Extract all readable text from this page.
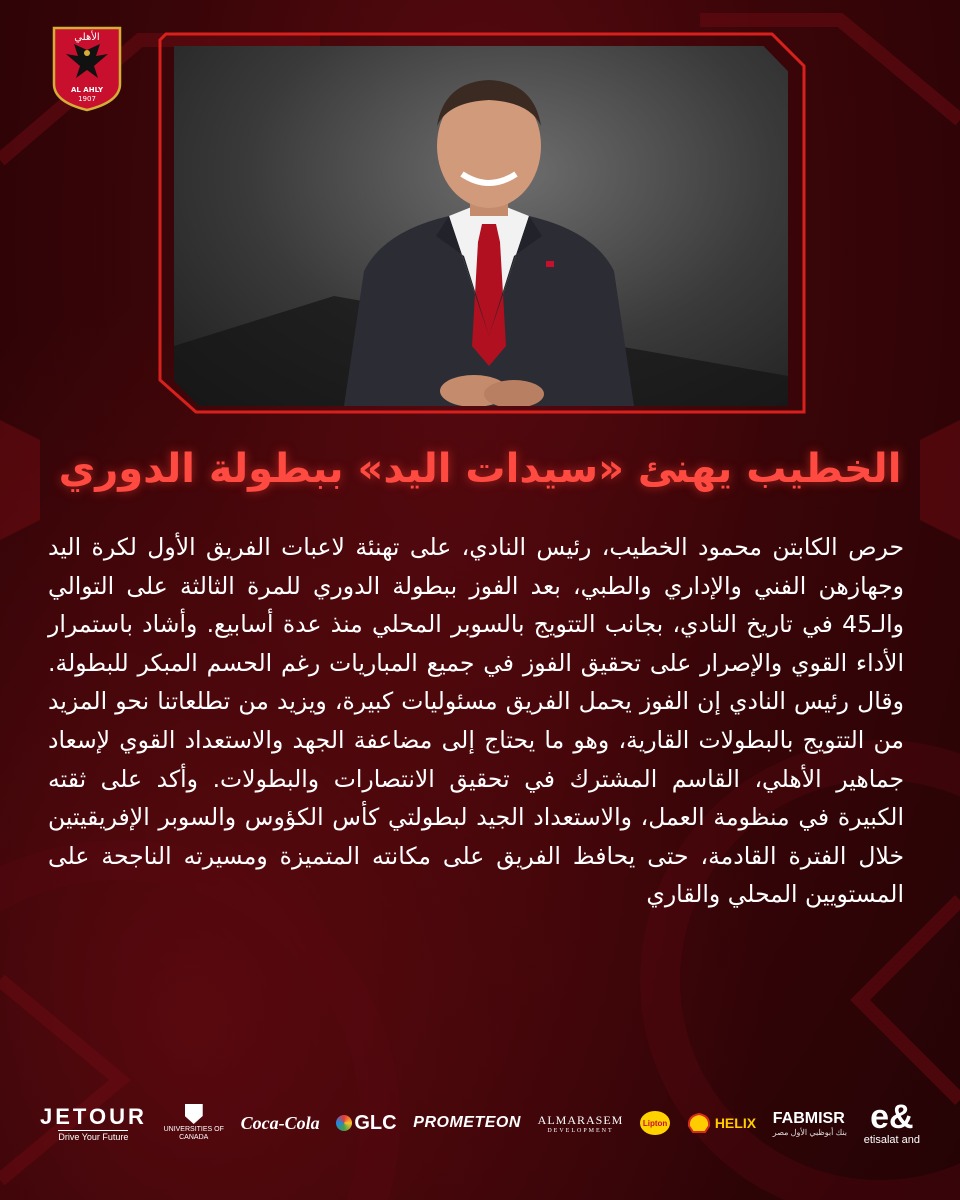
الأهلي
AL AHLY
1907
الخطيب يهنئ «سيدات اليد» ببطولة الدوري

حرص الكابتن محمود الخطيب، رئيس النادي، على تهنئة لاعبات الفريق الأول لكرة اليد وجهازهن الفني والإداري والطبي، بعد الفوز ببطولة الدوري للمرة الثالثة على التوالي والـ45 في تاريخ النادي، بجانب التتويج بالسوبر المحلي منذ عدة أسابيع. وأشاد باستمرار الأداء القوي والإصرار على تحقيق الفوز في جميع المباريات رغم الحسم المبكر للبطولة. وقال رئيس النادي إن الفوز يحمل الفريق مسئوليات كبيرة، ويزيد من تطلعاتنا نحو المزيد من التتويج بالبطولات القارية، وهو ما يحتاج إلى مضاعفة الجهد والاستعداد القوي لإسعاد جماهير الأهلي، القاسم المشترك في تحقيق الانتصارات والبطولات. وأكد على ثقته الكبيرة في منظومة العمل، والاستعداد الجيد لبطولتي كأس الكؤوس والسوبر الإفريقيتين خلال الفترة القادمة، حتى يحافظ الفريق على مكانته المتميزة ومسيرته الناجحة على المستويين المحلي والقاري

JETOUR
Drive Your Future
UNIVERSITIES OF
CANADA
Coca-Cola GLC PROMETEON ALMARASEM
DEVELOPMENT
Lipton	HELIX FABMISR
بنك أبوظبي الأول مصر e&
etisalat and
